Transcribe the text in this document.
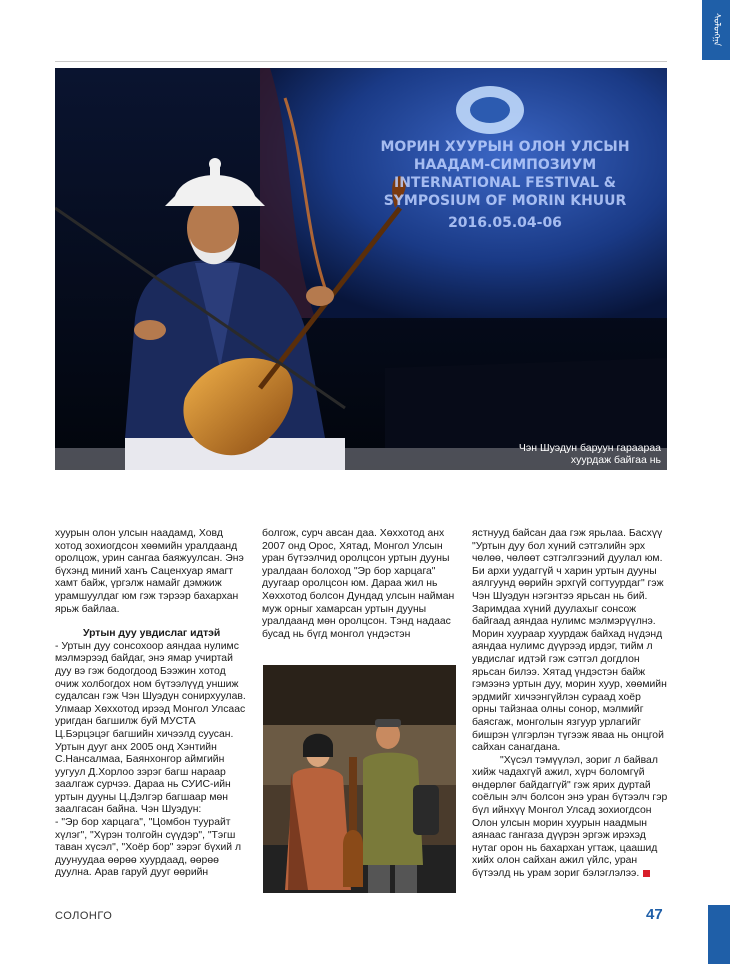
ᠰᠣᠯᠣᠩᠭ᠋ᠠ
МОРИН ХУУРЫН ОЛОН УЛСЫН
НААДАМ-СИМПОЗИУМ
INTERNATIONAL FESTIVAL &
SYMPOSIUM OF MORIN KHUUR
2016.05.04-06
Чэн Шуэдун баруун гараараа
хуурдаж байгаа нь

хуурын олон улсын наадамд, Ховд хотод зохиогдсон хөөмийн уралдаанд оролцож, урин сангаа баяжуулсан. Энэ бүхэнд миний ханъ Саценхуар ямагт хамт байж, үргэлж намайг дэмжиж урамшуулдаг юм гэж тэрээр бахархан ярьж байлаа.

Уртын дуу увдислаг идтэй

- Уртын дуу сонсохоор аяндаа нулимс мэлмэрээд байдаг, энэ ямар учиртай дуу вэ гэж бодогдоод Бээжин хотод очиж холбогдох ном бүтээлүүд уншиж судалсан гэж Чэн Шуэдун сонирхуулав. Улмаар Хөххотод ирээд Монгол Улсаас уригдан багшилж буй МУСТА Ц.Бэрцэцэг багшийн хичээлд суусан. Уртын дууг анх 2005 онд Хэнтийн С.Нансалмаа, Баянхонгор аймгийн уугуул Д.Хорлоо зэрэг багш нараар заалгаж сурчээ. Дараа нь СУИС-ийн уртын дууны Ц.Дэлгэр багшаар мөн заалгасан байна. Чэн Шуэдун:

- "Эр бор харцага", "Цомбон туурайт хүлэг", "Хүрэн толгойн сүүдэр", "Тэгш таван хүсэл", "Хоёр бор" зэрэг бүхий л дуунуудаа өөрөө хуурдаад, өөрөө дуулна. Арав гаруй дууг өөрийн

болгож, сурч авсан даа. Хөххотод анх 2007 онд Орос, Хятад, Монгол Улсын уран бүтээлчид оролцсон уртын дууны уралдаан болоход "Эр бор харцага" дуугаар оролцсон юм. Дараа жил нь Хөххотод болсон Дундад улсын найман муж орныг хамарсан уртын дууны уралдаанд мөн оролцсон. Тэнд надаас бусад нь бүгд монгол үндэстэн

ястнууд байсан даа гэж ярьлаа. Басхүү "Уртын дуу бол хүний сэтгэлийн эрх чөлөө, чөлөөт сэтгэлгээний дуулал юм. Би архи уудаггүй ч харин уртын дууны аялгуунд өөрийн эрхгүй согтуурдаг" гэж Чэн Шуэдун нэгэнтээ ярьсан нь бий. Заримдаа хүний дуулахыг сонсож байгаад аяндаа нулимс мэлмэрүүлнэ. Морин хуураар хуурдаж байхад нүдэнд аяндаа нулимс дүүрээд ирдэг, тийм л увдислаг идтэй гэж сэтгэл догдлон ярьсан билээ. Хятад үндэстэн байж гэмээнэ уртын дуу, морин хуур, хөөмийн эрдмийг хичээнгүйлэн сураад хоёр орны тайзнаа олны сонор, мэлмийг баясгаж, монголын язгуур урлагийг бишрэн үлгэрлэн түгээж яваа нь онцгой сайхан санагдана.

"Хүсэл тэмүүлэл, зориг л байвал хийж чадахгүй ажил, хүрч боломгүй өндөрлөг байдаггүй" гэж ярих дуртай соёлын элч болсон энэ уран бүтээлч гэр бүл ийнхүү Монгол Улсад зохиогдсон Олон улсын морин хуурын наадмын аянаас гангаза дүүрэн эргэж ирэхэд нутаг орон нь бахархан угтаж, цаашид хийх олон сайхан ажил үйлс, уран бүтээлд нь урам зориг бэлэглэлээ.

СОЛОНГО	47
